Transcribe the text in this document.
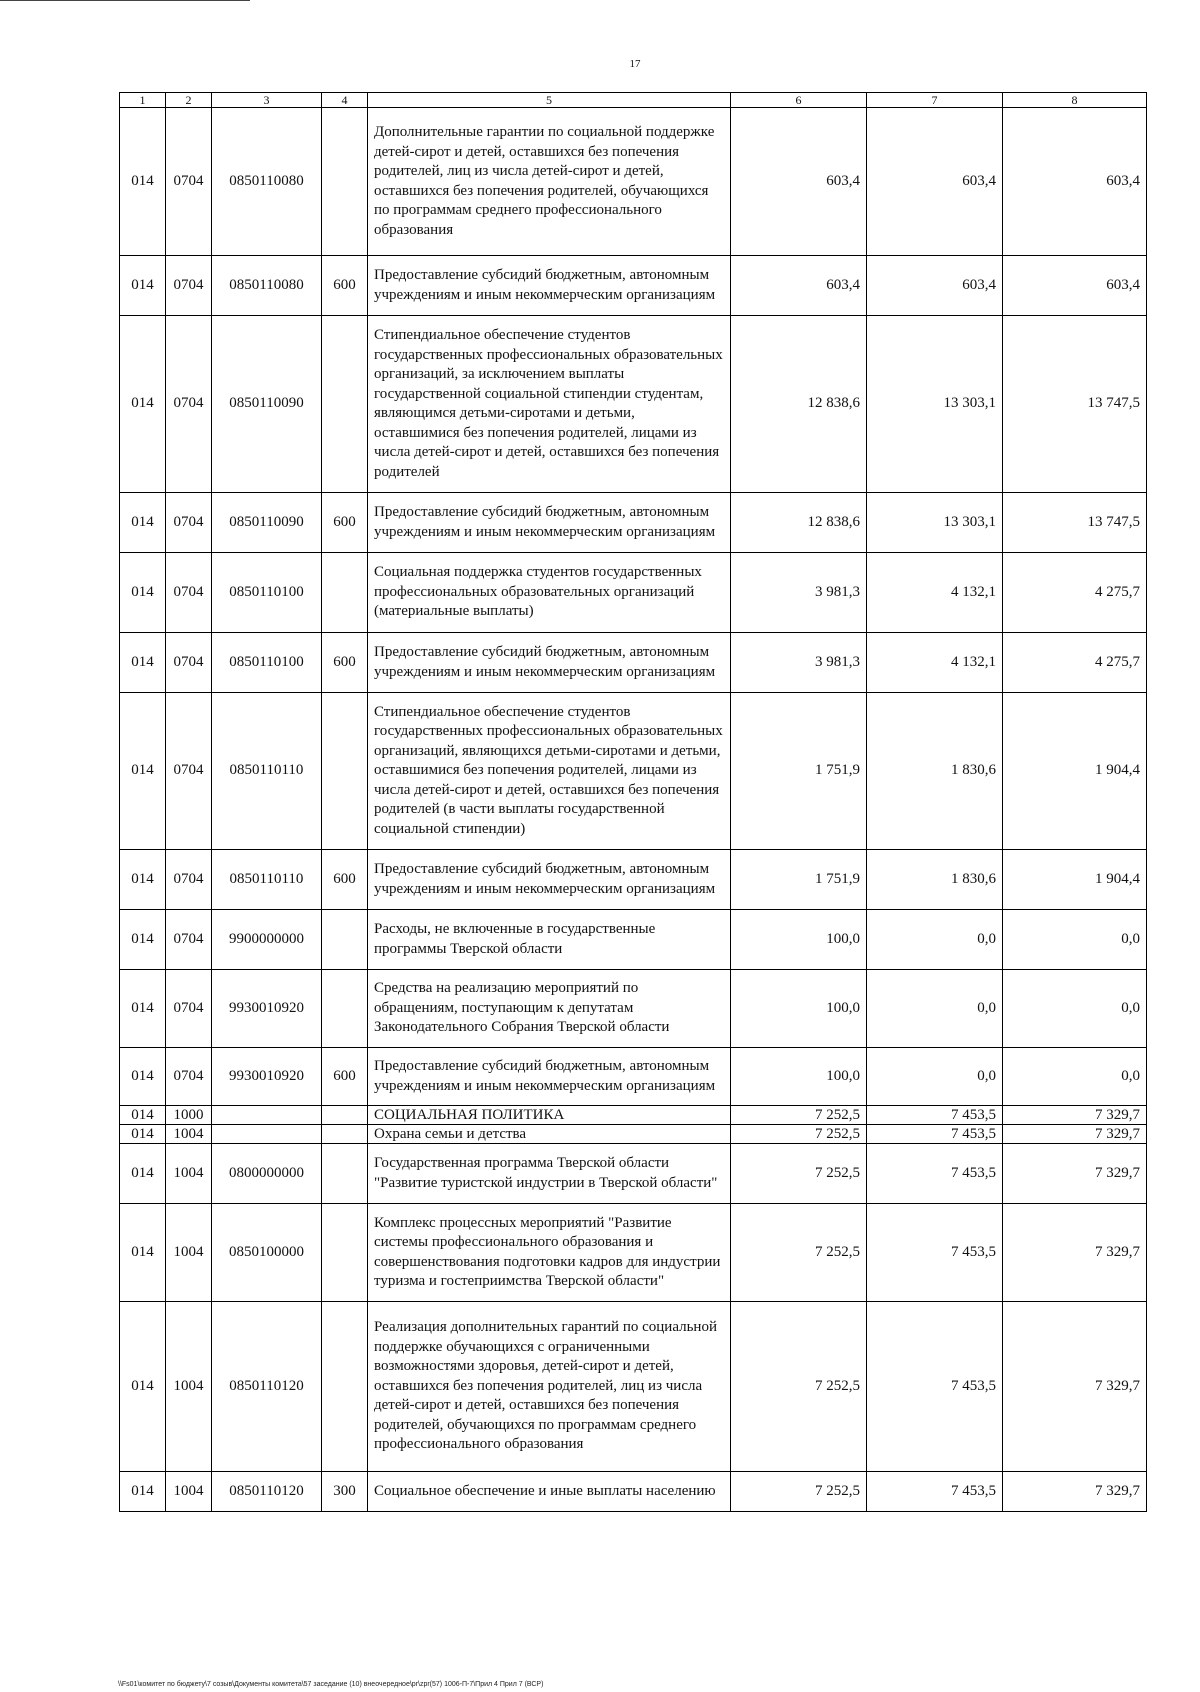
17
1	2	3	4	5	6	7	8
014	0704	0850110080		Дополнительные гарантии по социальной поддержке детей-сирот и детей, оставшихся без попечения родителей, лиц из числа детей-сирот и детей, оставшихся без попечения родителей, обучающихся по программам среднего профессионального образования	603,4	603,4	603,4
014	0704	0850110080	600	Предоставление субсидий бюджетным, автономным учреждениям и иным некоммерческим организациям	603,4	603,4	603,4
014	0704	0850110090		Стипендиальное обеспечение студентов государственных профессиональных образовательных организаций, за исключением выплаты государственной социальной стипендии студентам, являющимся детьми-сиротами и детьми, оставшимися без попечения родителей, лицами из числа детей-сирот и детей, оставшихся без попечения родителей	12 838,6	13 303,1	13 747,5
014	0704	0850110090	600	Предоставление субсидий бюджетным, автономным учреждениям и иным некоммерческим организациям	12 838,6	13 303,1	13 747,5
014	0704	0850110100		Социальная поддержка студентов государственных профессиональных образовательных организаций (материальные выплаты)	3 981,3	4 132,1	4 275,7
014	0704	0850110100	600	Предоставление субсидий бюджетным, автономным учреждениям и иным некоммерческим организациям	3 981,3	4 132,1	4 275,7
014	0704	0850110110		Стипендиальное обеспечение студентов государственных профессиональных образовательных организаций, являющихся детьми-сиротами и детьми, оставшимися без попечения родителей, лицами из числа детей-сирот и детей, оставшихся без попечения родителей (в части выплаты государственной социальной стипендии)	1 751,9	1 830,6	1 904,4
014	0704	0850110110	600	Предоставление субсидий бюджетным, автономным учреждениям и иным некоммерческим организациям	1 751,9	1 830,6	1 904,4
014	0704	9900000000		Расходы, не включенные в государственные программы Тверской области	100,0	0,0	0,0
014	0704	9930010920		Средства на реализацию мероприятий по обращениям, поступающим к депутатам Законодательного Собрания Тверской области	100,0	0,0	0,0
014	0704	9930010920	600	Предоставление субсидий бюджетным, автономным учреждениям и иным некоммерческим организациям	100,0	0,0	0,0
014	1000			СОЦИАЛЬНАЯ ПОЛИТИКА	7 252,5	7 453,5	7 329,7
014	1004			Охрана семьи и детства	7 252,5	7 453,5	7 329,7
014	1004	0800000000		Государственная программа Тверской области "Развитие туристской индустрии в Тверской области"	7 252,5	7 453,5	7 329,7
014	1004	0850100000		Комплекс процессных мероприятий "Развитие системы профессионального образования и совершенствования подготовки кадров для индустрии туризма и гостеприимства Тверской области"	7 252,5	7 453,5	7 329,7
014	1004	0850110120		Реализация дополнительных гарантий по социальной поддержке обучающихся с ограниченными возможностями здоровья, детей-сирот и детей, оставшихся без попечения родителей, лиц из числа детей-сирот и детей, оставшихся без попечения родителей, обучающихся по программам среднего профессионального образования	7 252,5	7 453,5	7 329,7
014	1004	0850110120	300	Социальное обеспечение и иные выплаты населению	7 252,5	7 453,5	7 329,7
\\Fs01\комитет по бюджету\7 созыв\Документы комитета\57 заседание (10) внеочередное\pr\zpr(57) 1006-П-7\Прил 4 Прил 7 (ВСР)
